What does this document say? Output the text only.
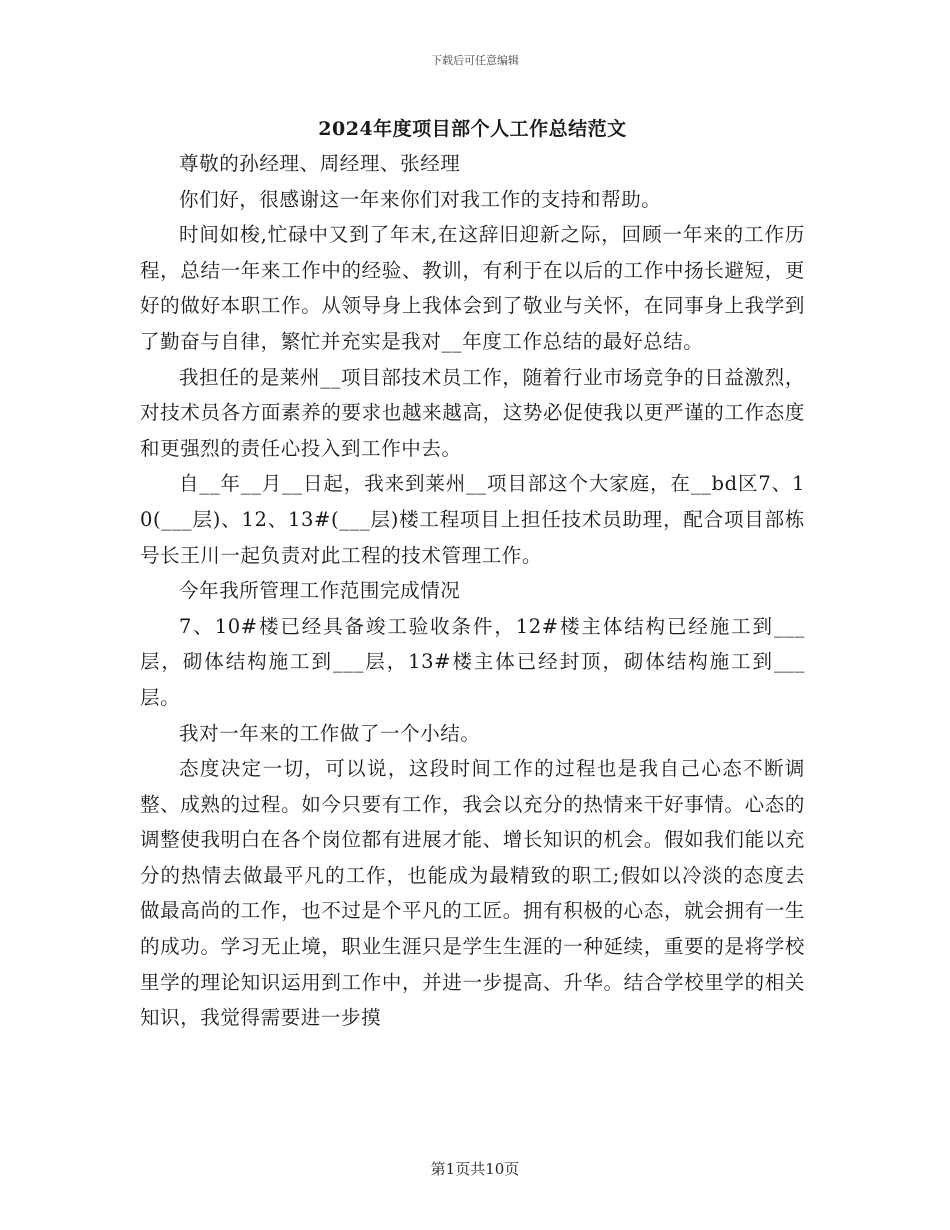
下载后可任意编辑
2024年度项目部个人工作总结范文

尊敬的孙经理、周经理、张经理

你们好，很感谢这一年来你们对我工作的支持和帮助。

时间如梭,忙碌中又到了年末,在这辞旧迎新之际，回顾一年来的工作历程，总结一年来工作中的经验、教训，有利于在以后的工作中扬长避短，更好的做好本职工作。从领导身上我体会到了敬业与关怀，在同事身上我学到了勤奋与自律，繁忙并充实是我对__年度工作总结的最好总结。

我担任的是莱州__项目部技术员工作，随着行业市场竞争的日益激烈，对技术员各方面素养的要求也越来越高，这势必促使我以更严谨的工作态度和更强烈的责任心投入到工作中去。

自__年__月__日起，我来到莱州__项目部这个大家庭，在__bd区7、10(___层)、12、13#(___层)楼工程项目上担任技术员助理，配合项目部栋号长王川一起负责对此工程的技术管理工作。

今年我所管理工作范围完成情况

7、10#楼已经具备竣工验收条件，12#楼主体结构已经施工到___层，砌体结构施工到___层，13#楼主体已经封顶，砌体结构施工到___层。

我对一年来的工作做了一个小结。

态度决定一切，可以说，这段时间工作的过程也是我自己心态不断调整、成熟的过程。如今只要有工作，我会以充分的热情来干好事情。心态的调整使我明白在各个岗位都有进展才能、增长知识的机会。假如我们能以充分的热情去做最平凡的工作，也能成为最精致的职工;假如以冷淡的态度去做最高尚的工作，也不过是个平凡的工匠。拥有积极的心态，就会拥有一生的成功。学习无止境，职业生涯只是学生生涯的一种延续，重要的是将学校里学的理论知识运用到工作中，并进一步提高、升华。结合学校里学的相关知识，我觉得需要进一步摸

第1页共10页
